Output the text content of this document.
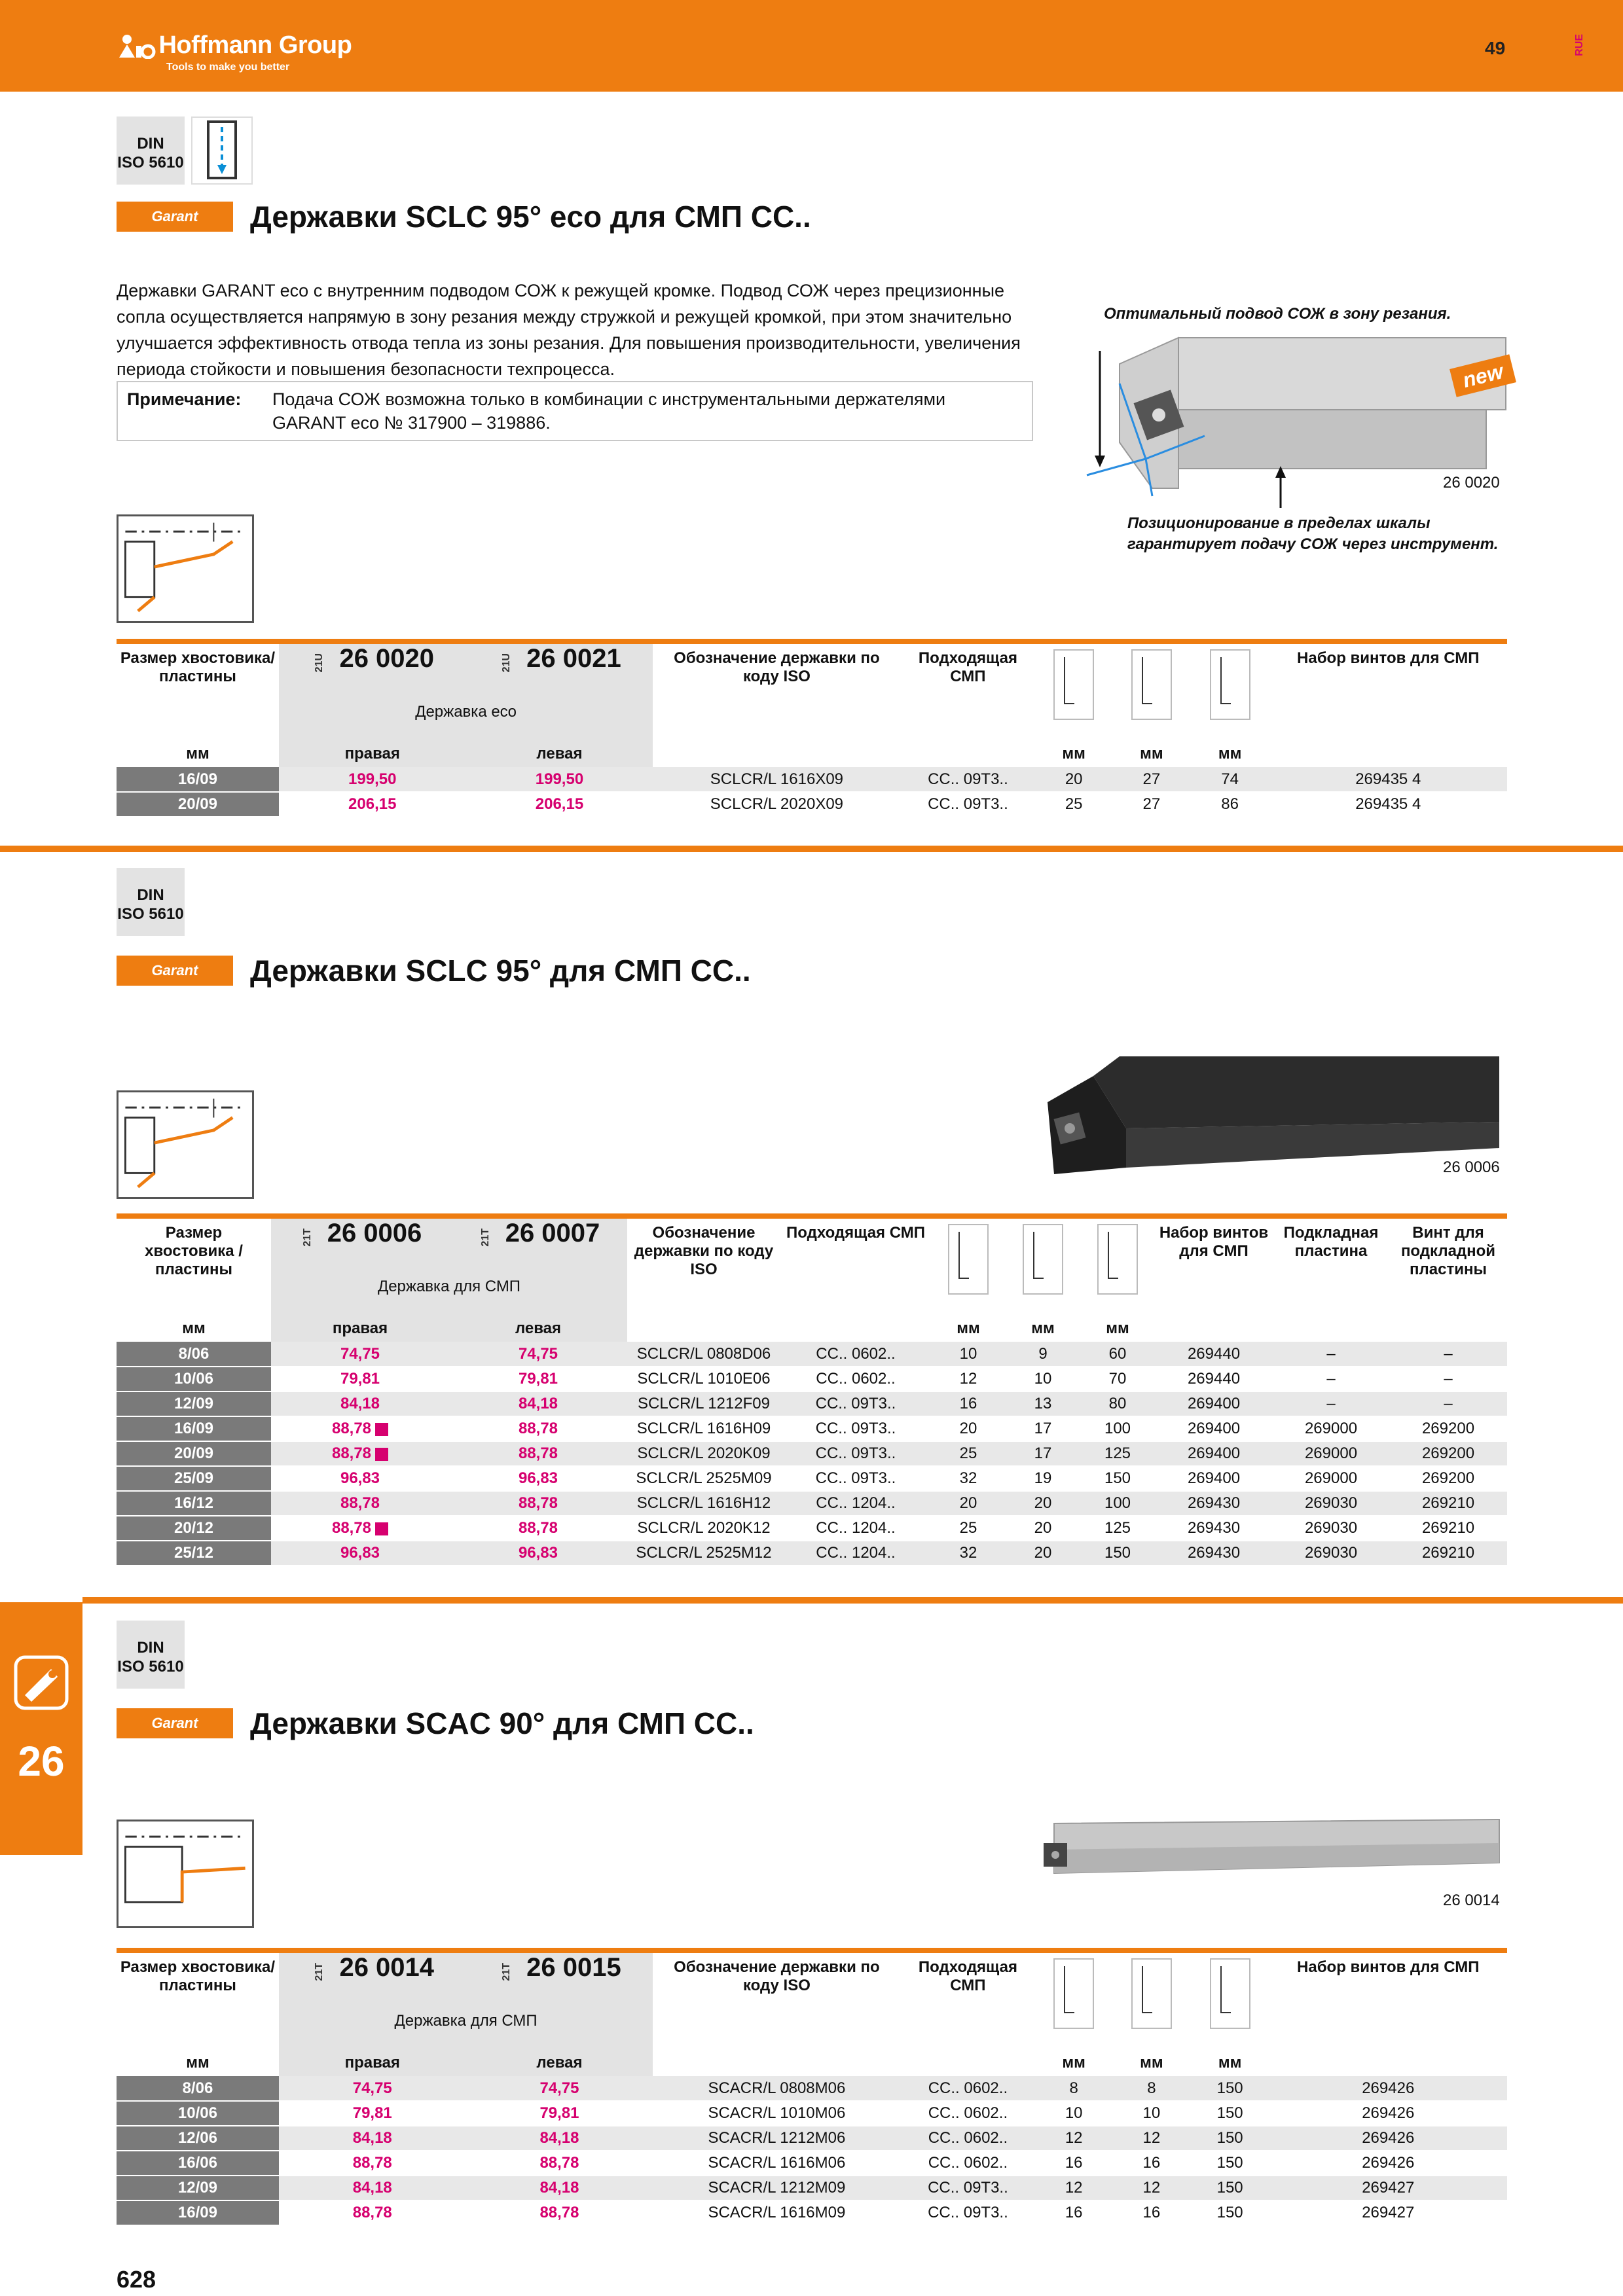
Hoffmann Group
Tools to make you better
49	RUE
26
DIN
ISO 5610
Garant	Державки SCLC 95° eco для СМП CC..
Державки GARANT eco с внутренним подводом СОЖ к режущей кромке. Подвод СОЖ через прецизионные сопла осуществляется напрямую в зону резания между стружкой и режущей кромкой, при этом значительно улучшается эффективность отвода тепла из зоны резания. Для повышения производительности, увеличения периода стойкости и повышения безопасности техпроцесса.
Примечание: Подача СОЖ возможна только в комбинации с инструментальными держателями GARANT eco № 317900 – 319886.
Оптимальный подвод СОЖ в зону резания.
new
26 0020
Позиционирование в пределах шкалы гарантирует подачу СОЖ через инструмент.
Размер хвостовика/ пластины	21U 26 0020	21U 26 0021	Обозначение державки по коду ISO	Подходящая СМП				Набор винтов для СМП
	Державка eco							
мм	правая	левая			мм	мм	мм	
16/09	199,50	199,50	SCLCR/L 1616X09	CC.. 09T3..	20	27	74	269435 4
20/09	206,15	206,15	SCLCR/L 2020X09	CC.. 09T3..	25	27	86	269435 4
DIN
ISO 5610
Garant	Державки SCLC 95° для СМП CC..
26 0006
Размер хвостовика / пластины	21T 26 0006	21T 26 0007	Обозначение державки по коду ISO	Подходящая СМП				Набор винтов для СМП	Подкладная пластина	Винт для подкладной пластины
	Державка для СМП									
мм	правая	левая			мм	мм	мм			
8/06	74,75	74,75	SCLCR/L 0808D06	CC.. 0602..	10	9	60	269440	–	–
10/06	79,81	79,81	SCLCR/L 1010E06	CC.. 0602..	12	10	70	269440	–	–
12/09	84,18	84,18	SCLCR/L 1212F09	CC.. 09T3..	16	13	80	269400	–	–
16/09	88,78	88,78	SCLCR/L 1616H09	CC.. 09T3..	20	17	100	269400	269000	269200
20/09	88,78	88,78	SCLCR/L 2020K09	CC.. 09T3..	25	17	125	269400	269000	269200
25/09	96,83	96,83	SCLCR/L 2525M09	CC.. 09T3..	32	19	150	269400	269000	269200
16/12	88,78	88,78	SCLCR/L 1616H12	CC.. 1204..	20	20	100	269430	269030	269210
20/12	88,78	88,78	SCLCR/L 2020K12	CC.. 1204..	25	20	125	269430	269030	269210
25/12	96,83	96,83	SCLCR/L 2525M12	CC.. 1204..	32	20	150	269430	269030	269210
DIN
ISO 5610
Garant	Державки SCAC 90° для СМП CC..
26 0014
Размер хвостовика/ пластины	21T 26 0014	21T 26 0015	Обозначение державки по коду ISO	Подходящая СМП				Набор винтов для СМП
	Державка для СМП							
мм	правая	левая			мм	мм	мм	
8/06	74,75	74,75	SCACR/L 0808M06	CC.. 0602..	8	8	150	269426
10/06	79,81	79,81	SCACR/L 1010M06	CC.. 0602..	10	10	150	269426
12/06	84,18	84,18	SCACR/L 1212M06	CC.. 0602..	12	12	150	269426
16/06	88,78	88,78	SCACR/L 1616M06	CC.. 0602..	16	16	150	269426
12/09	84,18	84,18	SCACR/L 1212M09	CC.. 09T3..	12	12	150	269427
16/09	88,78	88,78	SCACR/L 1616M09	CC.. 09T3..	16	16	150	269427
628
